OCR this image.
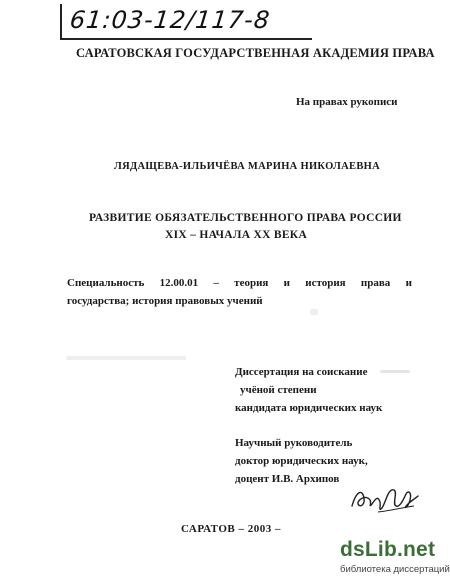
61:03-12/117-8
САРАТОВСКАЯ ГОСУДАРСТВЕННАЯ АКАДЕМИЯ ПРАВА
На правах рукописи
ЛЯДАЩЕВА-ИЛЬИЧЁВА МАРИНА НИКОЛАЕВНА
РАЗВИТИЕ ОБЯЗАТЕЛЬСТВЕННОГО ПРАВА РОССИИ
XIX – НАЧАЛА XX ВЕКА
Специальность 12.00.01 – теория и история права и
государства; история правовых учений
Диссертация на соискание
учёной степени
кандидата юридических наук
Научный руководитель
доктор юридических наук,
доцент И.В. Архипов
САРАТОВ – 2003 –
dsLib.net
библиотека диссертаций
